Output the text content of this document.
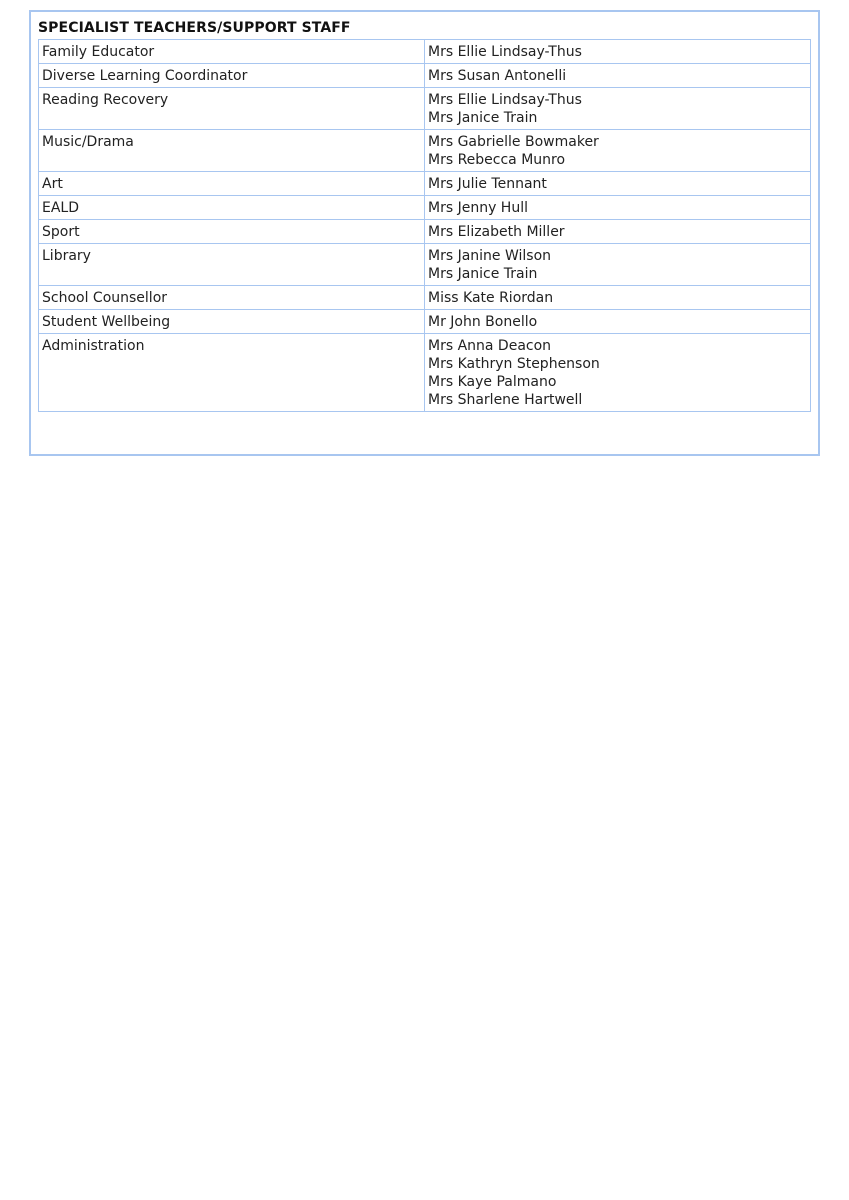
SPECIALIST TEACHERS/SUPPORT STAFF
Family Educator	Mrs Ellie Lindsay-Thus

Diverse Learning Coordinator	Mrs Susan Antonelli

Reading Recovery	Mrs Ellie Lindsay-Thus
Mrs Janice Train

Music/Drama	Mrs Gabrielle Bowmaker
Mrs Rebecca Munro

Art	Mrs Julie Tennant

EALD	Mrs Jenny Hull

Sport	Mrs Elizabeth Miller

Library	Mrs Janine Wilson
Mrs Janice Train

School Counsellor	Miss Kate Riordan

Student Wellbeing	Mr John Bonello

Administration	Mrs Anna Deacon
Mrs Kathryn Stephenson
Mrs Kaye Palmano
Mrs Sharlene Hartwell
